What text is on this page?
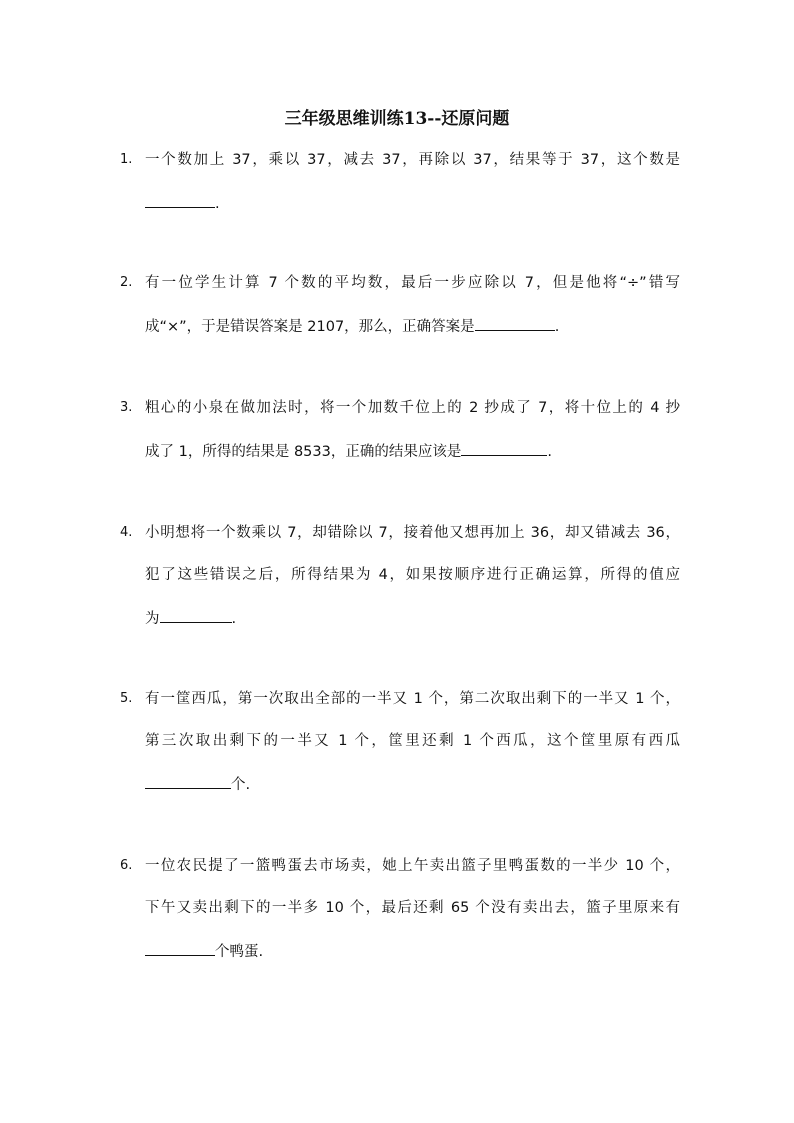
三年级思维训练13--还原问题
1. 一个数加上 37，乘以 37，减去 37，再除以 37，结果等于 37，这个数是
.
2. 有一位学生计算 7 个数的平均数，最后一步应除以 7，但是他将“÷”错写
成“×”，于是错误答案是 2107，那么，正确答案是	.
3. 粗心的小泉在做加法时，将一个加数千位上的 2 抄成了 7，将十位上的 4 抄
成了 1，所得的结果是 8533，正确的结果应该是	.
4. 小明想将一个数乘以 7，却错除以 7，接着他又想再加上 36，却又错减去 36，
犯了这些错误之后，所得结果为 4，如果按顺序进行正确运算，所得的值应
为	.
5. 有一筐西瓜，第一次取出全部的一半又 1 个，第二次取出剩下的一半又 1 个，
第三次取出剩下的一半又 1 个，筐里还剩 1 个西瓜，这个筐里原有西瓜
个.
6. 一位农民提了一篮鸭蛋去市场卖，她上午卖出篮子里鸭蛋数的一半少 10 个，
下午又卖出剩下的一半多 10 个，最后还剩 65 个没有卖出去，篮子里原来有
个鸭蛋.
